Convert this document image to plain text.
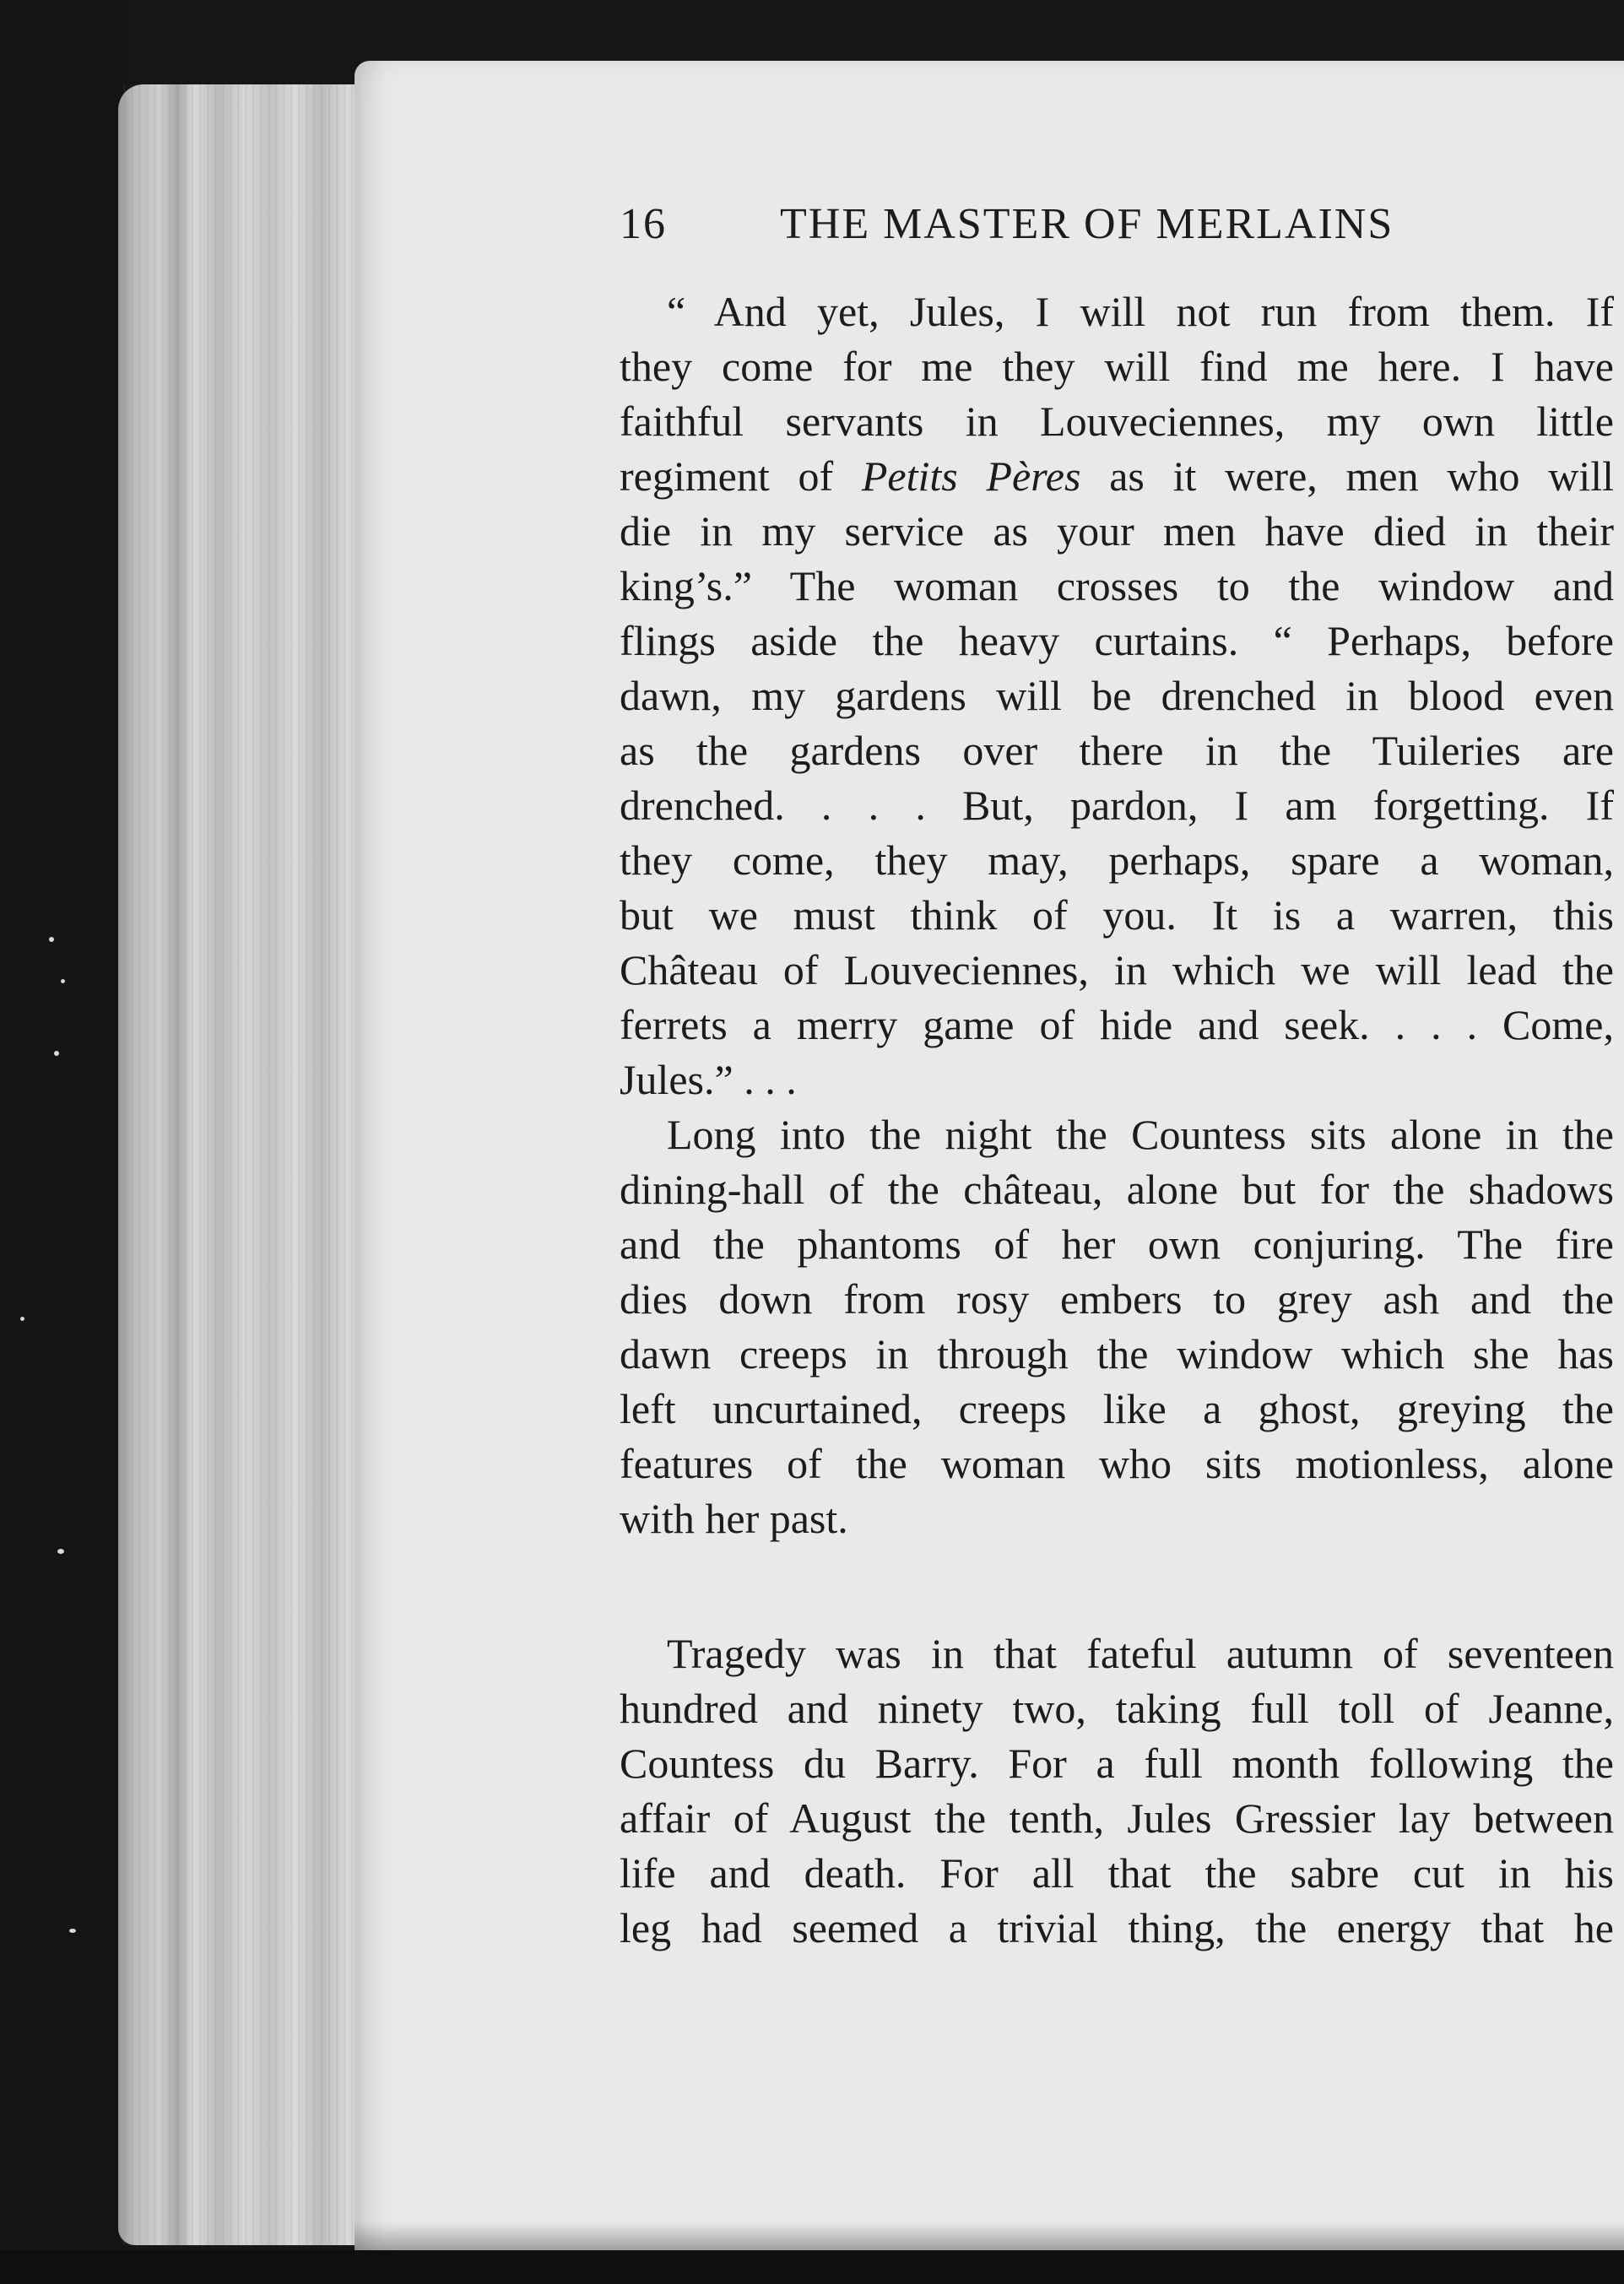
16	THE MASTER OF MERLAINS
“ And yet, Jules, I will not run from them. If
they come for me they will find me here. I have
faithful servants in Louveciennes, my own little
regiment of Petits Pères as it were, men who will
die in my service as your men have died in their
king’s.” The woman crosses to the window and
flings aside the heavy curtains. “ Perhaps, before
dawn, my gardens will be drenched in blood even
as the gardens over there in the Tuileries are
drenched. . . . But, pardon, I am forgetting. If
they come, they may, perhaps, spare a woman,
but we must think of you. It is a warren, this
Château of Louveciennes, in which we will lead the
ferrets a merry game of hide and seek. . . . Come,
Jules.” . . .
Long into the night the Countess sits alone in the
dining-hall of the château, alone but for the shadows
and the phantoms of her own conjuring. The fire
dies down from rosy embers to grey ash and the
dawn creeps in through the window which she has
left uncurtained, creeps like a ghost, greying the
features of the woman who sits motionless, alone
with her past.
Tragedy was in that fateful autumn of seventeen
hundred and ninety two, taking full toll of Jeanne,
Countess du Barry. For a full month following the
affair of August the tenth, Jules Gressier lay between
life and death. For all that the sabre cut in his
leg had seemed a trivial thing, the energy that he
